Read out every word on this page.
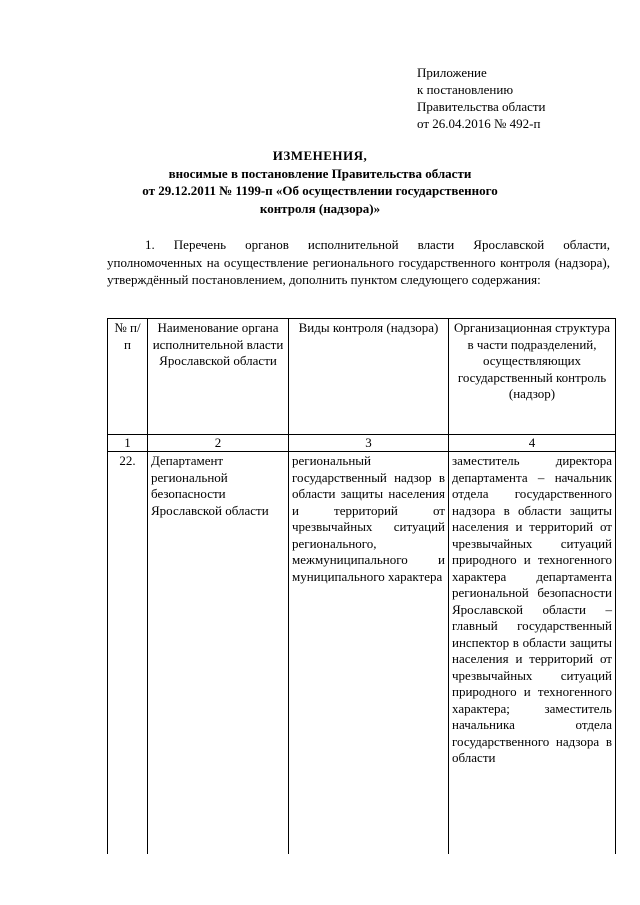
Приложение
к постановлению
Правительства области
от 26.04.2016 № 492-п
ИЗМЕНЕНИЯ,
вносимые в постановление Правительства области
от 29.12.2011 № 1199-п «Об осуществлении государственного
контроля (надзора)»
1. Перечень органов исполнительной власти Ярославской области, уполномоченных на осуществление регионального государственного контроля (надзора), утверждённый постановлением, дополнить пунктом следующего содержания:
№ п/п	Наименование органа исполнительной власти Ярославской области	Виды контроля (надзора)	Организационная структура в части подразделений, осуществляющих государственный контроль (надзор)
1	2	3	4
22.	Департамент региональной безопасности Ярославской области	региональный государственный надзор в области защиты населения и территорий от чрезвычайных ситуаций регионального, межмуниципального и муниципального характера	заместитель директора департамента – начальник отдела государственного надзора в области защиты населения и территорий от чрезвычайных ситуаций природного и техногенного характера департамента региональной безопасности Ярославской области – главный государственный инспектор в области защиты населения и территорий от чрезвычайных ситуаций природного и техногенного характера; заместитель начальника отдела государственного надзора в области
